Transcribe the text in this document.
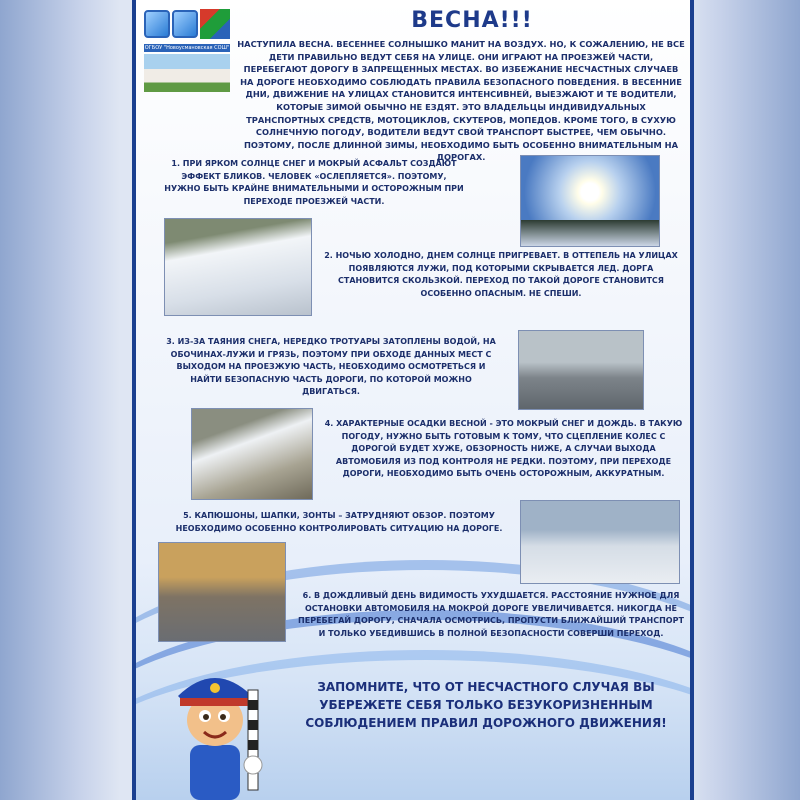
ОГБОУ "Новоусмановская СОШ"
ВЕСНА!!!
НАСТУПИЛА ВЕСНА. ВЕСЕННЕЕ СОЛНЫШКО МАНИТ НА ВОЗДУХ. НО, К СОЖАЛЕНИЮ, НЕ ВСЕ ДЕТИ ПРАВИЛЬНО ВЕДУТ СЕБЯ НА УЛИЦЕ. ОНИ ИГРАЮТ НА ПРОЕЗЖЕЙ ЧАСТИ, ПЕРЕБЕГАЮТ ДОРОГУ В ЗАПРЕЩЕННЫХ МЕСТАХ. ВО ИЗБЕЖАНИЕ НЕСЧАСТНЫХ СЛУЧАЕВ НА ДОРОГЕ НЕОБХОДИМО СОБЛЮДАТЬ ПРАВИЛА БЕЗОПАСНОГО ПОВЕДЕНИЯ. В ВЕСЕННИЕ ДНИ, ДВИЖЕНИЕ НА УЛИЦАХ СТАНОВИТСЯ ИНТЕНСИВНЕЙ, ВЫЕЗЖАЮТ И ТЕ ВОДИТЕЛИ, КОТОРЫЕ ЗИМОЙ ОБЫЧНО НЕ ЕЗДЯТ. ЭТО ВЛАДЕЛЬЦЫ ИНДИВИДУАЛЬНЫХ ТРАНСПОРТНЫХ СРЕДСТВ, МОТОЦИКЛОВ, СКУТЕРОВ, МОПЕДОВ. КРОМЕ ТОГО, В СУХУЮ СОЛНЕЧНУЮ ПОГОДУ, ВОДИТЕЛИ ВЕДУТ СВОЙ ТРАНСПОРТ БЫСТРЕЕ, ЧЕМ ОБЫЧНО. ПОЭТОМУ, ПОСЛЕ ДЛИННОЙ ЗИМЫ, НЕОБХОДИМО БЫТЬ ОСОБЕННО ВНИМАТЕЛЬНЫМ НА ДОРОГАХ.
1. ПРИ ЯРКОМ СОЛНЦЕ СНЕГ И МОКРЫЙ АСФАЛЬТ СОЗДАЮТ ЭФФЕКТ БЛИКОВ. ЧЕЛОВЕК «ОСЛЕПЛЯЕТСЯ». ПОЭТОМУ, НУЖНО БЫТЬ КРАЙНЕ ВНИМАТЕЛЬНЫМИ И ОСТОРОЖНЫМ ПРИ ПЕРЕХОДЕ ПРОЕЗЖЕЙ ЧАСТИ.
2. НОЧЬЮ ХОЛОДНО, ДНЕМ СОЛНЦЕ ПРИГРЕВАЕТ. В ОТТЕПЕЛЬ НА УЛИЦАХ ПОЯВЛЯЮТСЯ ЛУЖИ, ПОД КОТОРЫМИ СКРЫВАЕТСЯ ЛЕД. ДОРГА СТАНОВИТСЯ СКОЛЬЗКОЙ. ПЕРЕХОД ПО ТАКОЙ ДОРОГЕ СТАНОВИТСЯ ОСОБЕННО ОПАСНЫМ. НЕ СПЕШИ.
3. ИЗ-ЗА ТАЯНИЯ СНЕГА, НЕРЕДКО ТРОТУАРЫ ЗАТОПЛЕНЫ ВОДОЙ, НА ОБОЧИНАХ-ЛУЖИ И ГРЯЗЬ, ПОЭТОМУ ПРИ ОБХОДЕ ДАННЫХ МЕСТ С ВЫХОДОМ НА ПРОЕЗЖУЮ ЧАСТЬ, НЕОБХОДИМО ОСМОТРЕТЬСЯ И НАЙТИ БЕЗОПАСНУЮ ЧАСТЬ ДОРОГИ, ПО КОТОРОЙ МОЖНО ДВИГАТЬСЯ.
4. ХАРАКТЕРНЫЕ ОСАДКИ ВЕСНОЙ - ЭТО МОКРЫЙ СНЕГ И ДОЖДЬ. В ТАКУЮ ПОГОДУ, НУЖНО БЫТЬ ГОТОВЫМ К ТОМУ, ЧТО СЦЕПЛЕНИЕ КОЛЕС С ДОРОГОЙ БУДЕТ ХУЖЕ, ОБЗОРНОСТЬ НИЖЕ, А СЛУЧАИ ВЫХОДА АВТОМОБИЛЯ ИЗ ПОД КОНТРОЛЯ НЕ РЕДКИ. ПОЭТОМУ, ПРИ ПЕРЕХОДЕ ДОРОГИ, НЕОБХОДИМО БЫТЬ ОЧЕНЬ ОСТОРОЖНЫМ, АККУРАТНЫМ.
5. КАПЮШОНЫ, ШАПКИ, ЗОНТЫ – ЗАТРУДНЯЮТ ОБЗОР. ПОЭТОМУ НЕОБХОДИМО ОСОБЕННО КОНТРОЛИРОВАТЬ СИТУАЦИЮ НА ДОРОГЕ.
6. В ДОЖДЛИВЫЙ ДЕНЬ ВИДИМОСТЬ УХУДШАЕТСЯ. РАССТОЯНИЕ НУЖНОЕ ДЛЯ ОСТАНОВКИ АВТОМОБИЛЯ НА МОКРОЙ ДОРОГЕ УВЕЛИЧИВАЕТСЯ. НИКОГДА НЕ ПЕРЕБЕГАЙ ДОРОГУ, СНАЧАЛА ОСМОТРИСЬ, ПРОПУСТИ БЛИЖАЙШИЙ ТРАНСПОРТ И ТОЛЬКО УБЕДИВШИСЬ В ПОЛНОЙ БЕЗОПАСНОСТИ СОВЕРШИ ПЕРЕХОД.
ЗАПОМНИТЕ, ЧТО ОТ НЕСЧАСТНОГО СЛУЧАЯ ВЫ УБЕРЕЖЕТЕ СЕБЯ ТОЛЬКО БЕЗУКОРИЗНЕННЫМ СОБЛЮДЕНИЕМ ПРАВИЛ ДОРОЖНОГО ДВИЖЕНИЯ!
